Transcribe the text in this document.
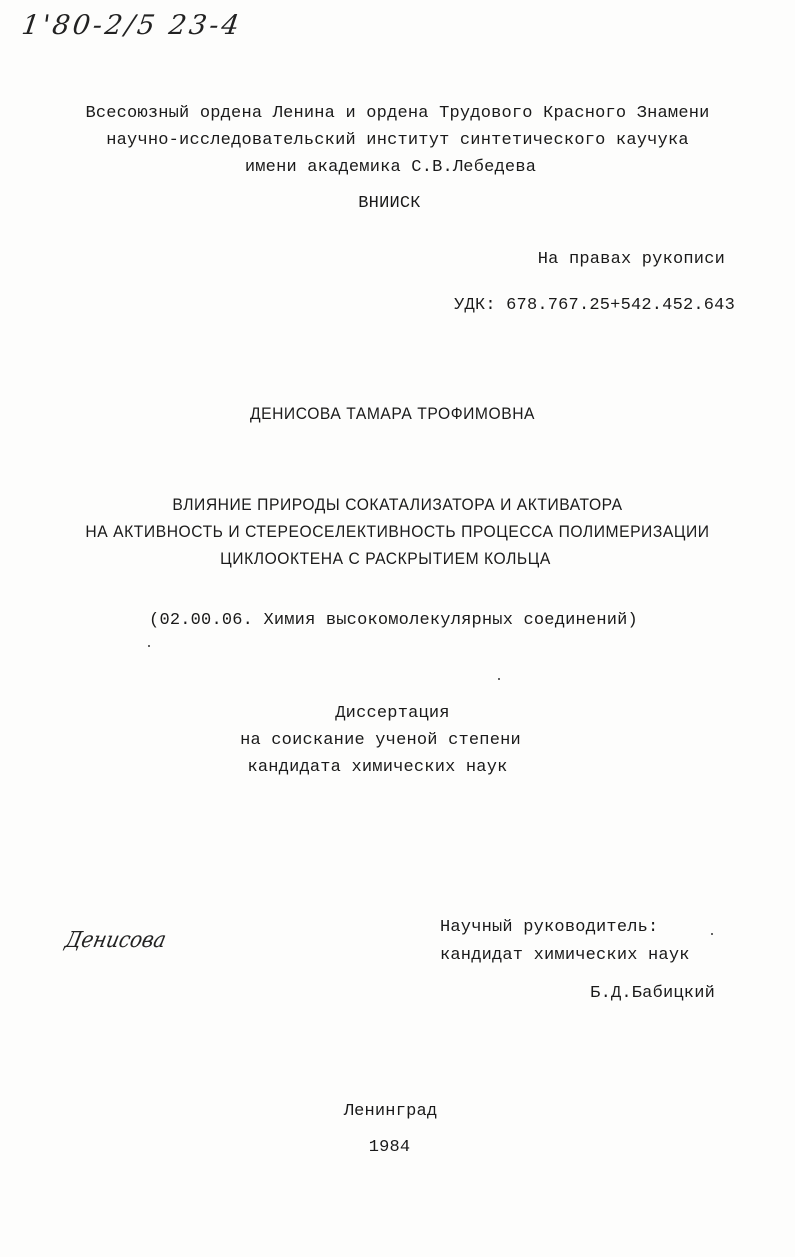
1'80-2/5 23-4
Всесоюзный ордена Ленина и ордена Трудового Красного Знамени
научно-исследовательский институт синтетического каучука
имени академика С.В.Лебедева
ВНИИСК
На правах рукописи
УДК: 678.767.25+542.452.643
ДЕНИСОВА ТАМАРА ТРОФИМОВНА
ВЛИЯНИЕ ПРИРОДЫ СОКАТАЛИЗАТОРА И АКТИВАТОРА
НА АКТИВНОСТЬ И СТЕРЕОСЕЛЕКТИВНОСТЬ ПРОЦЕССА ПОЛИМЕРИЗАЦИИ
ЦИКЛООКТЕНА С РАСКРЫТИЕМ КОЛЬЦА
(02.00.06. Химия высокомолекулярных соединений)
Диссертация
на соискание ученой степени
кандидата химических наук
Денисова
Научный руководитель:
кандидат химических наук
Б.Д.Бабицкий
Ленинград
1984
